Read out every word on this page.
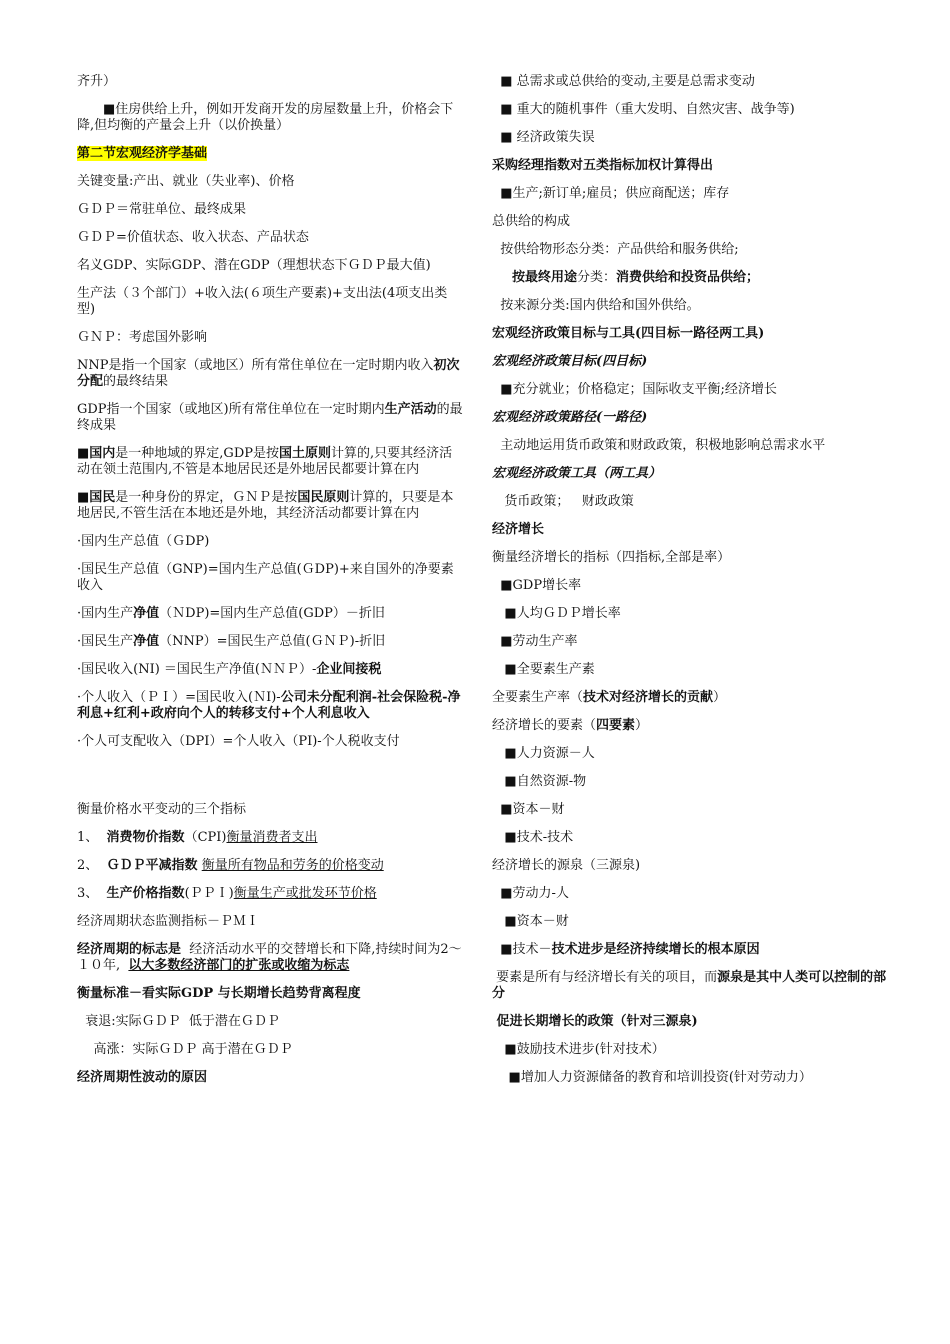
齐升）

■住房供给上升，例如开发商开发的房屋数量上升，价格会下降,但均衡的产量会上升（以价换量）

第二节宏观经济学基础

关键变量:产出、就业（失业率)、价格

ＧＤＰ＝常驻单位、最终成果

ＧＤＰ=价值状态、收入状态、产品状态

名义GDP、实际GDP、潜在GDP（理想状态下ＧＤＰ最大值)

生产法（３个部门）+收入法(６项生产要素)+支出法(4项支出类型)

ＧＮＰ：考虑国外影响

NNP是指一个国家（或地区）所有常住单位在一定时期内收入初次分配的最终结果

GDP指一个国家（或地区)所有常住单位在一定时期内生产活动的最终成果

■国内是一种地域的界定,GDP是按国土原则计算的,只要其经济活动在领土范围内,不管是本地居民还是外地居民都要计算在内

■国民是一种身份的界定，ＧＮＰ是按国民原则计算的，只要是本地居民,不管生活在本地还是外地，其经济活动都要计算在内

·国内生产总值（ＧDP)

·国民生产总值（GNP)=国内生产总值(ＧDP)+来自国外的净要素收入

·国内生产净值（ＮDP)=国内生产总值(GDP）－折旧

·国民生产净值（NNP）=国民生产总值(ＧＮＰ)-折旧

·国民收入(NI) ＝国民生产净值(ＮＮＰ）-企业间接税

·个人收入（ＰＩ）=国民收入(ＮI)-公司未分配利润-社会保险税-净利息+红利+政府向个人的转移支付+个人利息收入

·个人可支配收入（DPI）=个人收入（PI)-个人税收支付

衡量价格水平变动的三个指标

1、  消费物价指数（CPI)衡量消费者支出

2、  ＧＤＰ平减指数 衡量所有物品和劳务的价格变动

3、  生产价格指数(ＰＰＩ)衡量生产或批发环节价格

经济周期状态监测指标－ＰＭＩ

经济周期的标志是  经济活动水平的交替增长和下降,持续时间为2～１０年,  以大多数经济部门的扩张或收缩为标志

衡量标准－看实际GDP 与长期增长趋势背离程度

衰退:实际ＧＤＰ  低于潜在ＧＤＰ

高涨：实际ＧＤＰ 高于潜在ＧＤＰ

经济周期性波动的原因

■ 总需求或总供给的变动,主要是总需求变动

■ 重大的随机事件（重大发明、自然灾害、战争等)

■ 经济政策失误

采购经理指数对五类指标加权计算得出

■生产;新订单;雇员；供应商配送；库存

总供给的构成

按供给物形态分类：产品供给和服务供给;

按最终用途分类：消费供给和投资品供给；

按来源分类:国内供给和国外供给。

宏观经济政策目标与工具(四目标一路径两工具)

宏观经济政策目标(四目标)

■充分就业；价格稳定；国际收支平衡;经济增长

宏观经济政策路径(一路径)

主动地运用货币政策和财政政策，积极地影响总需求水平

宏观经济政策工具（两工具）

货币政策；   财政政策

经济增长

衡量经济增长的指标（四指标,全部是率）

■GDP增长率

■人均ＧＤＰ增长率

■劳动生产率

■全要素生产素

全要素生产率（技术对经济增长的贡献）

经济增长的要素（四要素）

■人力资源－人

■自然资源-物

■资本－财

■技术-技术

经济增长的源泉（三源泉)

■劳动力-人

■资本－财

■技术－技术进步是经济持续增长的根本原因

要素是所有与经济增长有关的项目，而源泉是其中人类可以控制的部分

促进长期增长的政策（针对三源泉)

■鼓励技术进步(针对技术）

■增加人力资源储备的教育和培训投资(针对劳动力）
